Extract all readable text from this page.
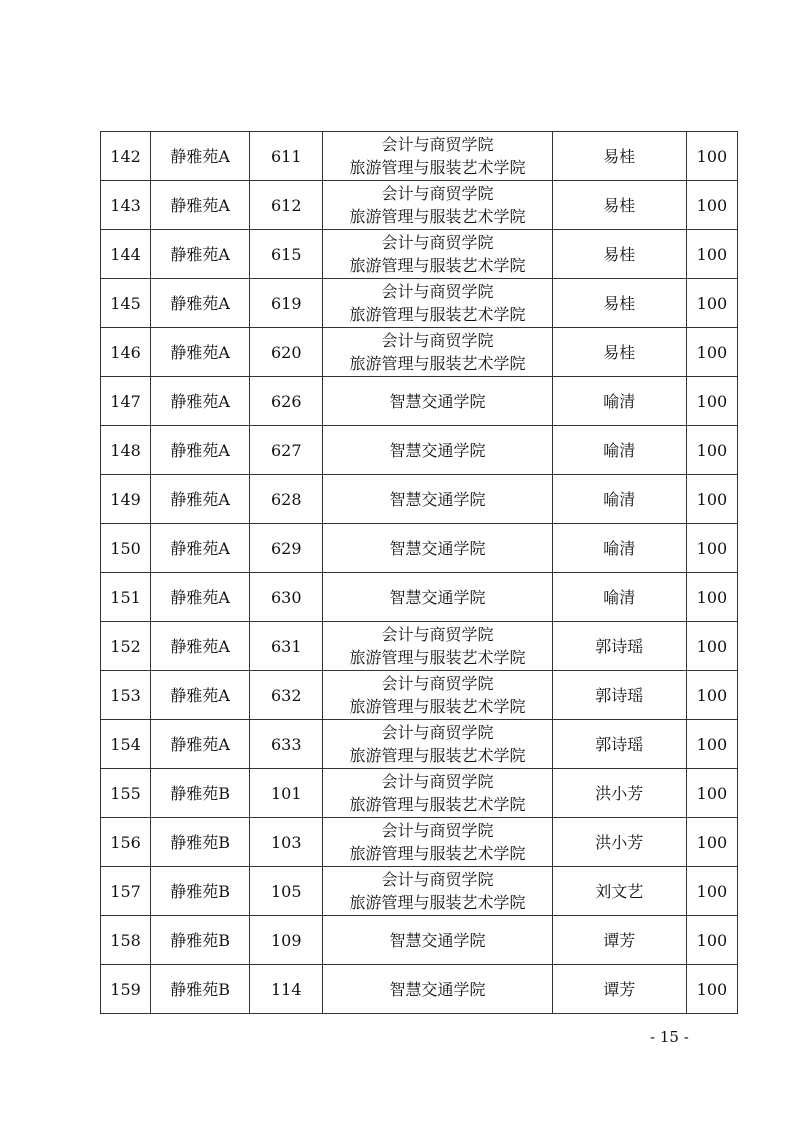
142	静雅苑A	611	会计与商贸学院
旅游管理与服装艺术学院	易桂	100
143	静雅苑A	612	会计与商贸学院
旅游管理与服装艺术学院	易桂	100
144	静雅苑A	615	会计与商贸学院
旅游管理与服装艺术学院	易桂	100
145	静雅苑A	619	会计与商贸学院
旅游管理与服装艺术学院	易桂	100
146	静雅苑A	620	会计与商贸学院
旅游管理与服装艺术学院	易桂	100
147	静雅苑A	626	智慧交通学院	喻清	100
148	静雅苑A	627	智慧交通学院	喻清	100
149	静雅苑A	628	智慧交通学院	喻清	100
150	静雅苑A	629	智慧交通学院	喻清	100
151	静雅苑A	630	智慧交通学院	喻清	100
152	静雅苑A	631	会计与商贸学院
旅游管理与服装艺术学院	郭诗瑶	100
153	静雅苑A	632	会计与商贸学院
旅游管理与服装艺术学院	郭诗瑶	100
154	静雅苑A	633	会计与商贸学院
旅游管理与服装艺术学院	郭诗瑶	100
155	静雅苑B	101	会计与商贸学院
旅游管理与服装艺术学院	洪小芳	100
156	静雅苑B	103	会计与商贸学院
旅游管理与服装艺术学院	洪小芳	100
157	静雅苑B	105	会计与商贸学院
旅游管理与服装艺术学院	刘文艺	100
158	静雅苑B	109	智慧交通学院	谭芳	100
159	静雅苑B	114	智慧交通学院	谭芳	100
- 15 -
